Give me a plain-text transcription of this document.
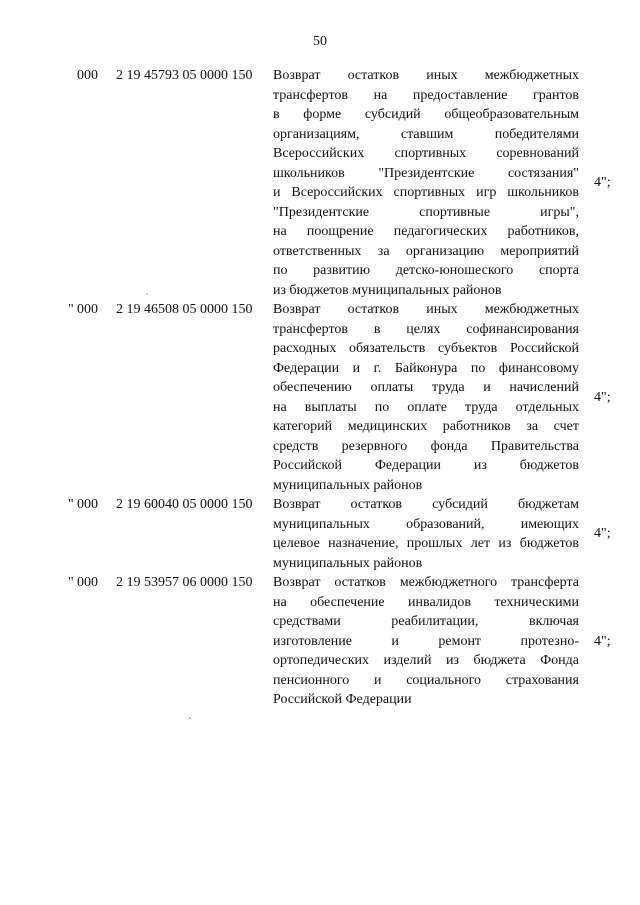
50
000 2 19 45793 05 0000 150 Возврат остатков иных межбюджетных
трансфертов на предоставление грантов
в форме субсидий общеобразовательным
организациям, ставшим победителями
Всероссийских спортивных соревнований
школьников "Президентские состязания"
и Всероссийских спортивных игр школьников
"Президентские спортивные игры",
на поощрение педагогических работников,
ответственных за организацию мероприятий
по развитию детско-юношеского спорта
из бюджетов муниципальных районов
4";
" 000 2 19 46508 05 0000 150 Возврат остатков иных межбюджетных
трансфертов в целях софинансирования
расходных обязательств субъектов Российской
Федерации и г. Байконура по финансовому
обеспечению оплаты труда и начислений
на выплаты по оплате труда отдельных
категорий медицинских работников за счет
средств резервного фонда Правительства
Российской Федерации из бюджетов
муниципальных районов
4";
" 000 2 19 60040 05 0000 150 Возврат остатков субсидий бюджетам
муниципальных образований, имеющих
целевое назначение, прошлых лет из бюджетов
муниципальных районов
4";
" 000 2 19 53957 06 0000 150 Возврат остатков межбюджетного трансферта
на обеспечение инвалидов техническими
средствами реабилитации, включая
изготовление и ремонт протезно-
ортопедических изделий из бюджета Фонда
пенсионного и социального страхования
Российской Федерации
4";
